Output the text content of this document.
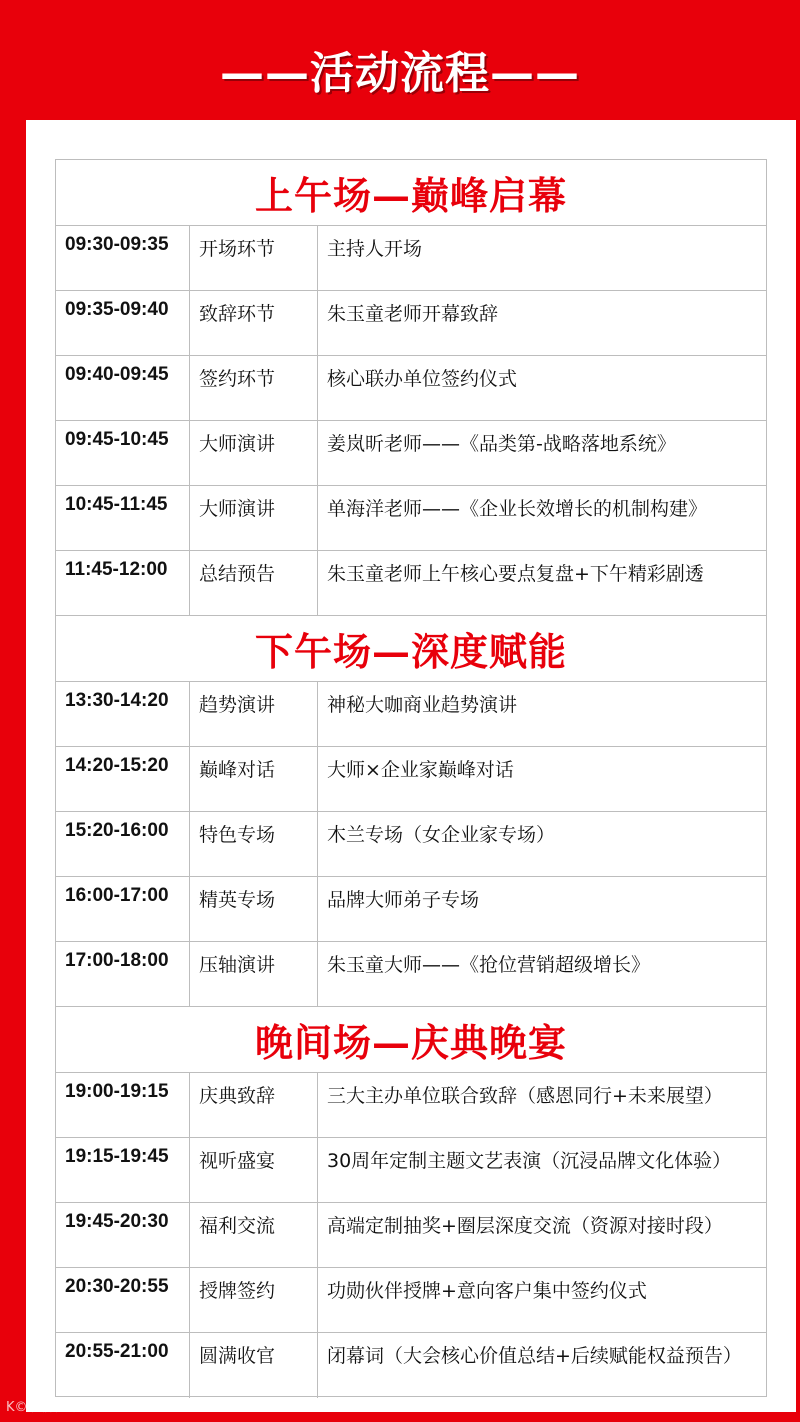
——活动流程——
上午场—巅峰启幕
09:30-09:35	开场环节	主持人开场
09:35-09:40	致辞环节	朱玉童老师开幕致辞
09:40-09:45	签约环节	核心联办单位签约仪式
09:45-10:45	大师演讲	姜岚昕老师——《品类第-战略落地系统》
10:45-11:45	大师演讲	单海洋老师——《企业长效增长的机制构建》
11:45-12:00	总结预告	朱玉童老师上午核心要点复盘+下午精彩剧透
下午场—深度赋能
13:30-14:20	趋势演讲	神秘大咖商业趋势演讲
14:20-15:20	巅峰对话	大师×企业家巅峰对话
15:20-16:00	特色专场	木兰专场（女企业家专场）
16:00-17:00	精英专场	品牌大师弟子专场
17:00-18:00	压轴演讲	朱玉童大师——《抢位营销超级增长》
晚间场—庆典晚宴
19:00-19:15	庆典致辞	三大主办单位联合致辞（感恩同行+未来展望）
19:15-19:45	视听盛宴	30周年定制主题文艺表演（沉浸品牌文化体验）
19:45-20:30	福利交流	高端定制抽奖+圈层深度交流（资源对接时段）
20:30-20:55	授牌签约	功勋伙伴授牌+意向客户集中签约仪式
20:55-21:00	圆满收官	闭幕词（大会核心价值总结+后续赋能权益预告）
K© 大數跨境
